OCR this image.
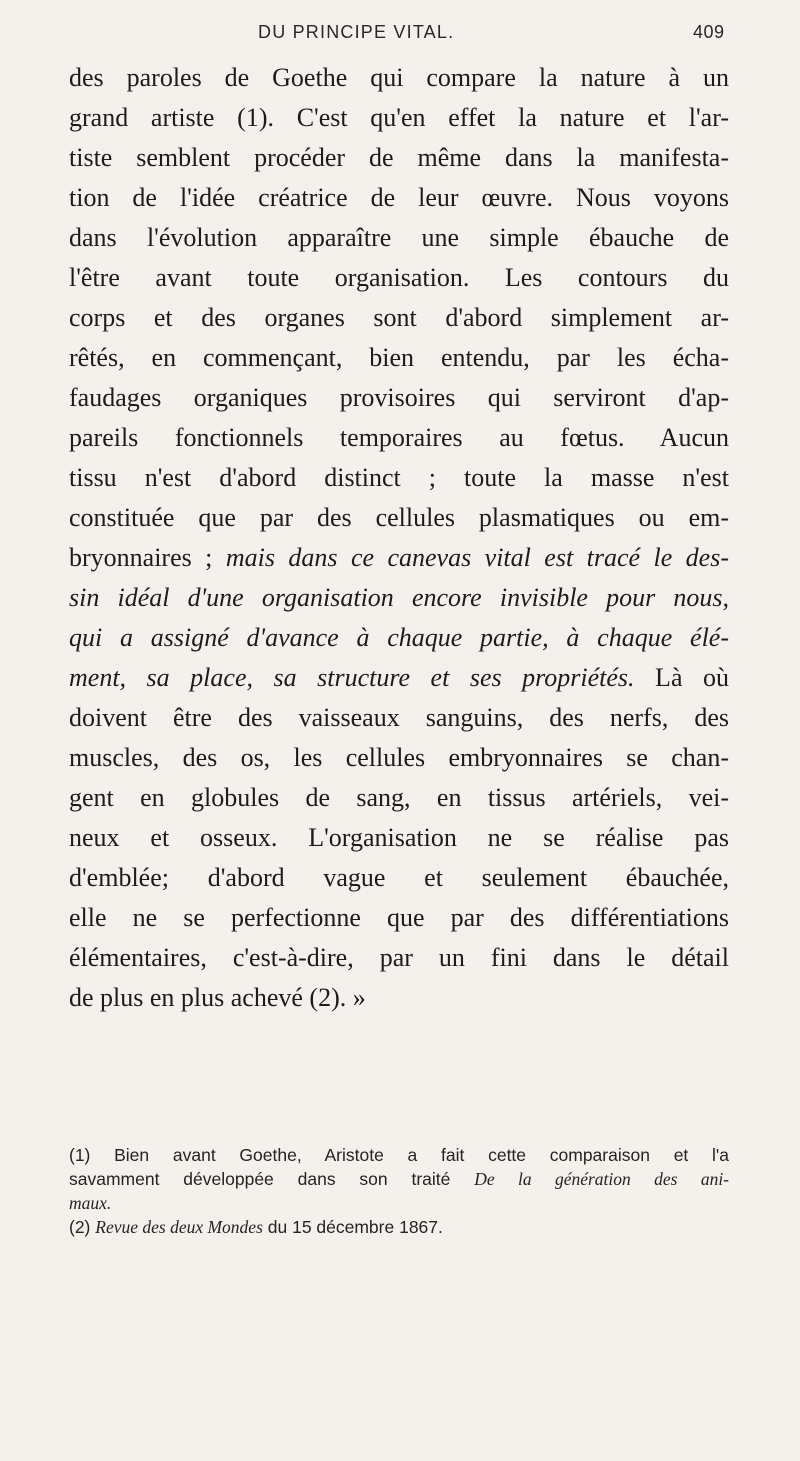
DU PRINCIPE VITAL.	409
des paroles de Goethe qui compare la nature à un
grand artiste (1). C'est qu'en effet la nature et l'ar-
tiste semblent procéder de même dans la manifesta-
tion de l'idée créatrice de leur œuvre. Nous voyons
dans l'évolution apparaître une simple ébauche de
l'être avant toute organisation. Les contours du
corps et des organes sont d'abord simplement ar-
rêtés, en commençant, bien entendu, par les écha-
faudages organiques provisoires qui serviront d'ap-
pareils fonctionnels temporaires au fœtus. Aucun
tissu n'est d'abord distinct ; toute la masse n'est
constituée que par des cellules plasmatiques ou em-
bryonnaires ; mais dans ce canevas vital est tracé le des-
sin idéal d'une organisation encore invisible pour nous,
qui a assigné d'avance à chaque partie, à chaque élé-
ment, sa place, sa structure et ses propriétés. Là où
doivent être des vaisseaux sanguins, des nerfs, des
muscles, des os, les cellules embryonnaires se chan-
gent en globules de sang, en tissus artériels, vei-
neux et osseux. L'organisation ne se réalise pas
d'emblée; d'abord vague et seulement ébauchée,
elle ne se perfectionne que par des différentiations
élémentaires, c'est-à-dire, par un fini dans le détail
de plus en plus achevé (2). »
(1) Bien avant Goethe, Aristote a fait cette comparaison et l'a
savamment développée dans son traité De la génération des ani-
maux.
(2) Revue des deux Mondes du 15 décembre 1867.
